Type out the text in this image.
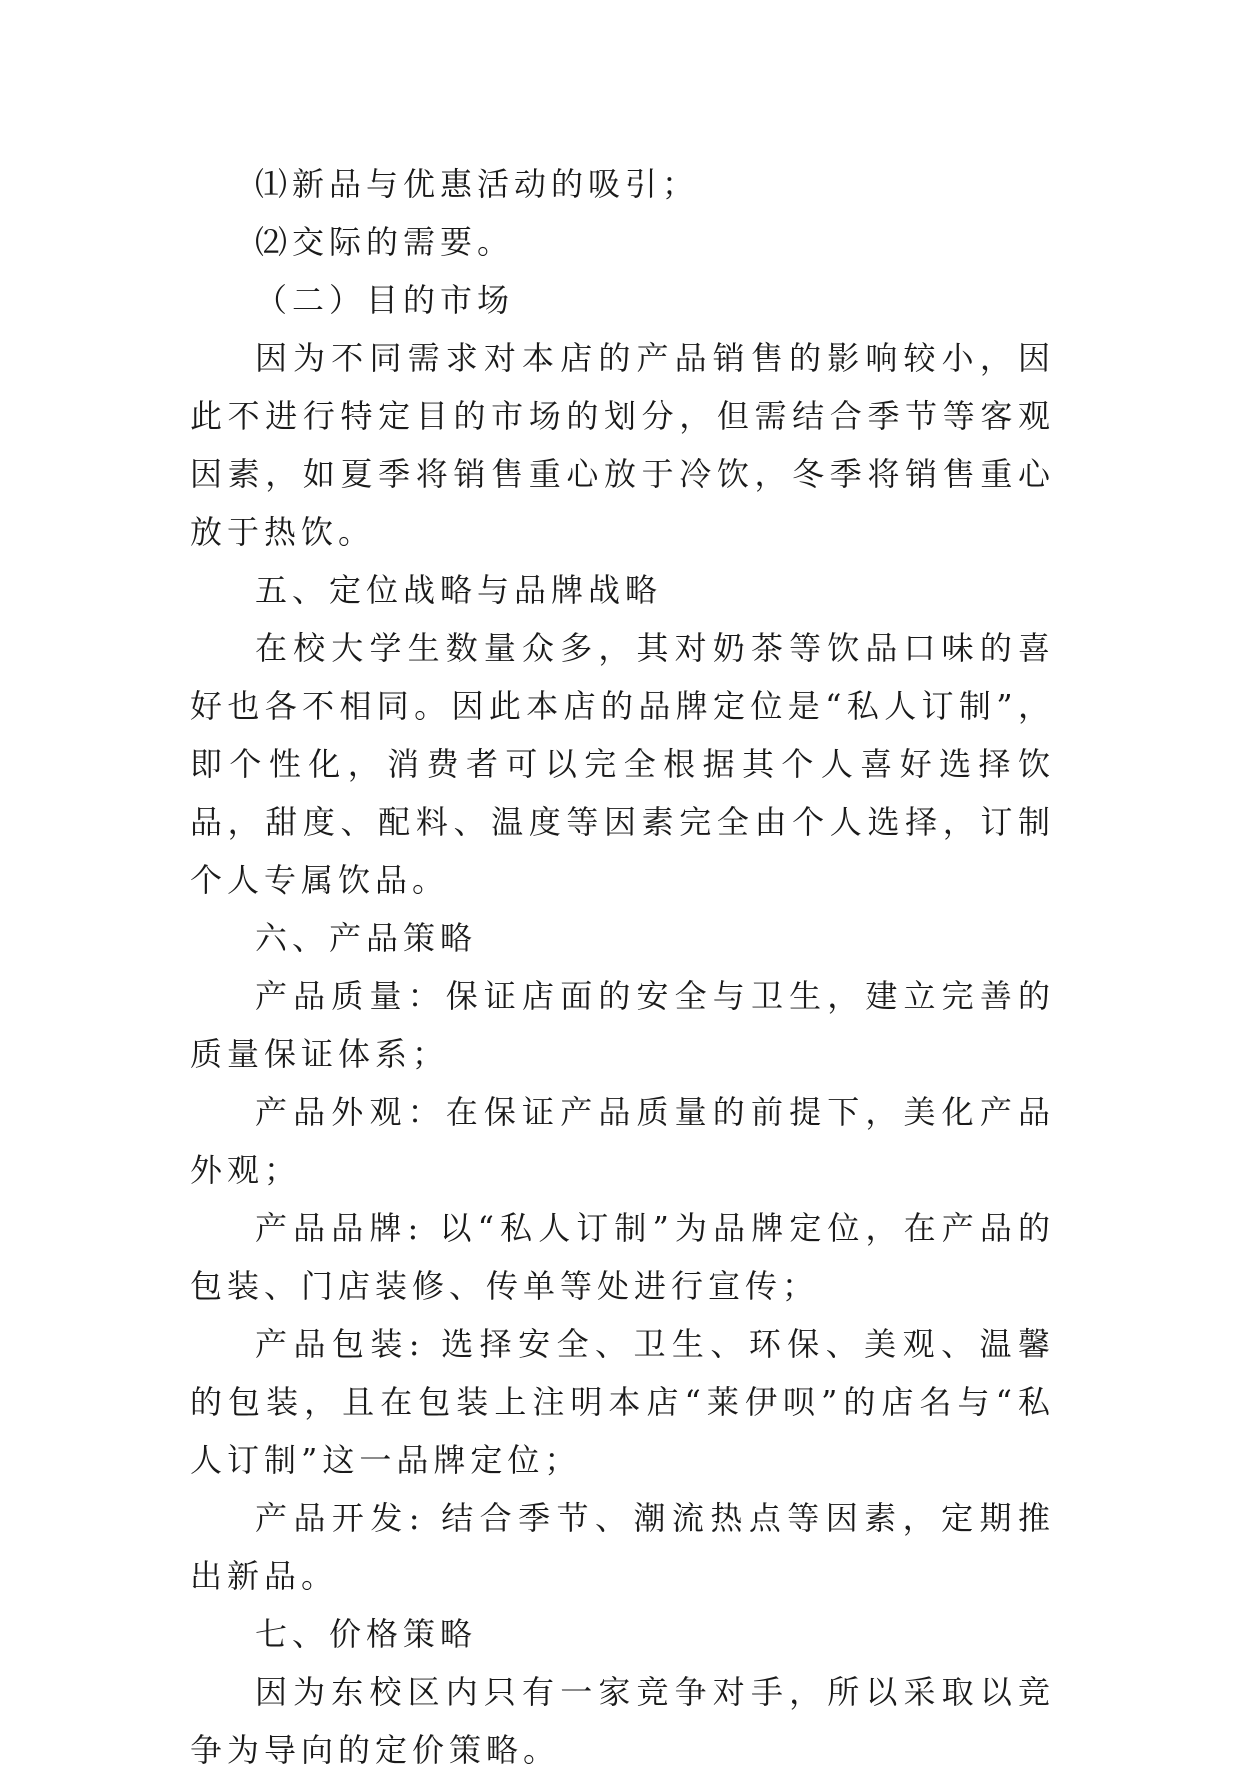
⑴新品与优惠活动的吸引；

⑵交际的需要。

（二）目的市场

因为不同需求对本店的产品销售的影响较小，因此不进行特定目的市场的划分，但需结合季节等客观因素，如夏季将销售重心放于冷饮，冬季将销售重心放于热饮。

五、定位战略与品牌战略

在校大学生数量众多，其对奶茶等饮品口味的喜好也各不相同。因此本店的品牌定位是“私人订制”，即个性化，消费者可以完全根据其个人喜好选择饮品，甜度、配料、温度等因素完全由个人选择，订制个人专属饮品。

六、产品策略

产品质量：保证店面的安全与卫生，建立完善的质量保证体系；

产品外观：在保证产品质量的前提下，美化产品外观；

产品品牌: 以“私人订制”为品牌定位，在产品的包装、门店装修、传单等处进行宣传；

产品包装: 选择安全、卫生、环保、美观、温馨的包装，且在包装上注明本店“莱伊呗”的店名与“私人订制”这一品牌定位；

产品开发: 结合季节、潮流热点等因素，定期推出新品。

七、价格策略

因为东校区内只有一家竞争对手，所以采取以竞争为导向的定价策略。
